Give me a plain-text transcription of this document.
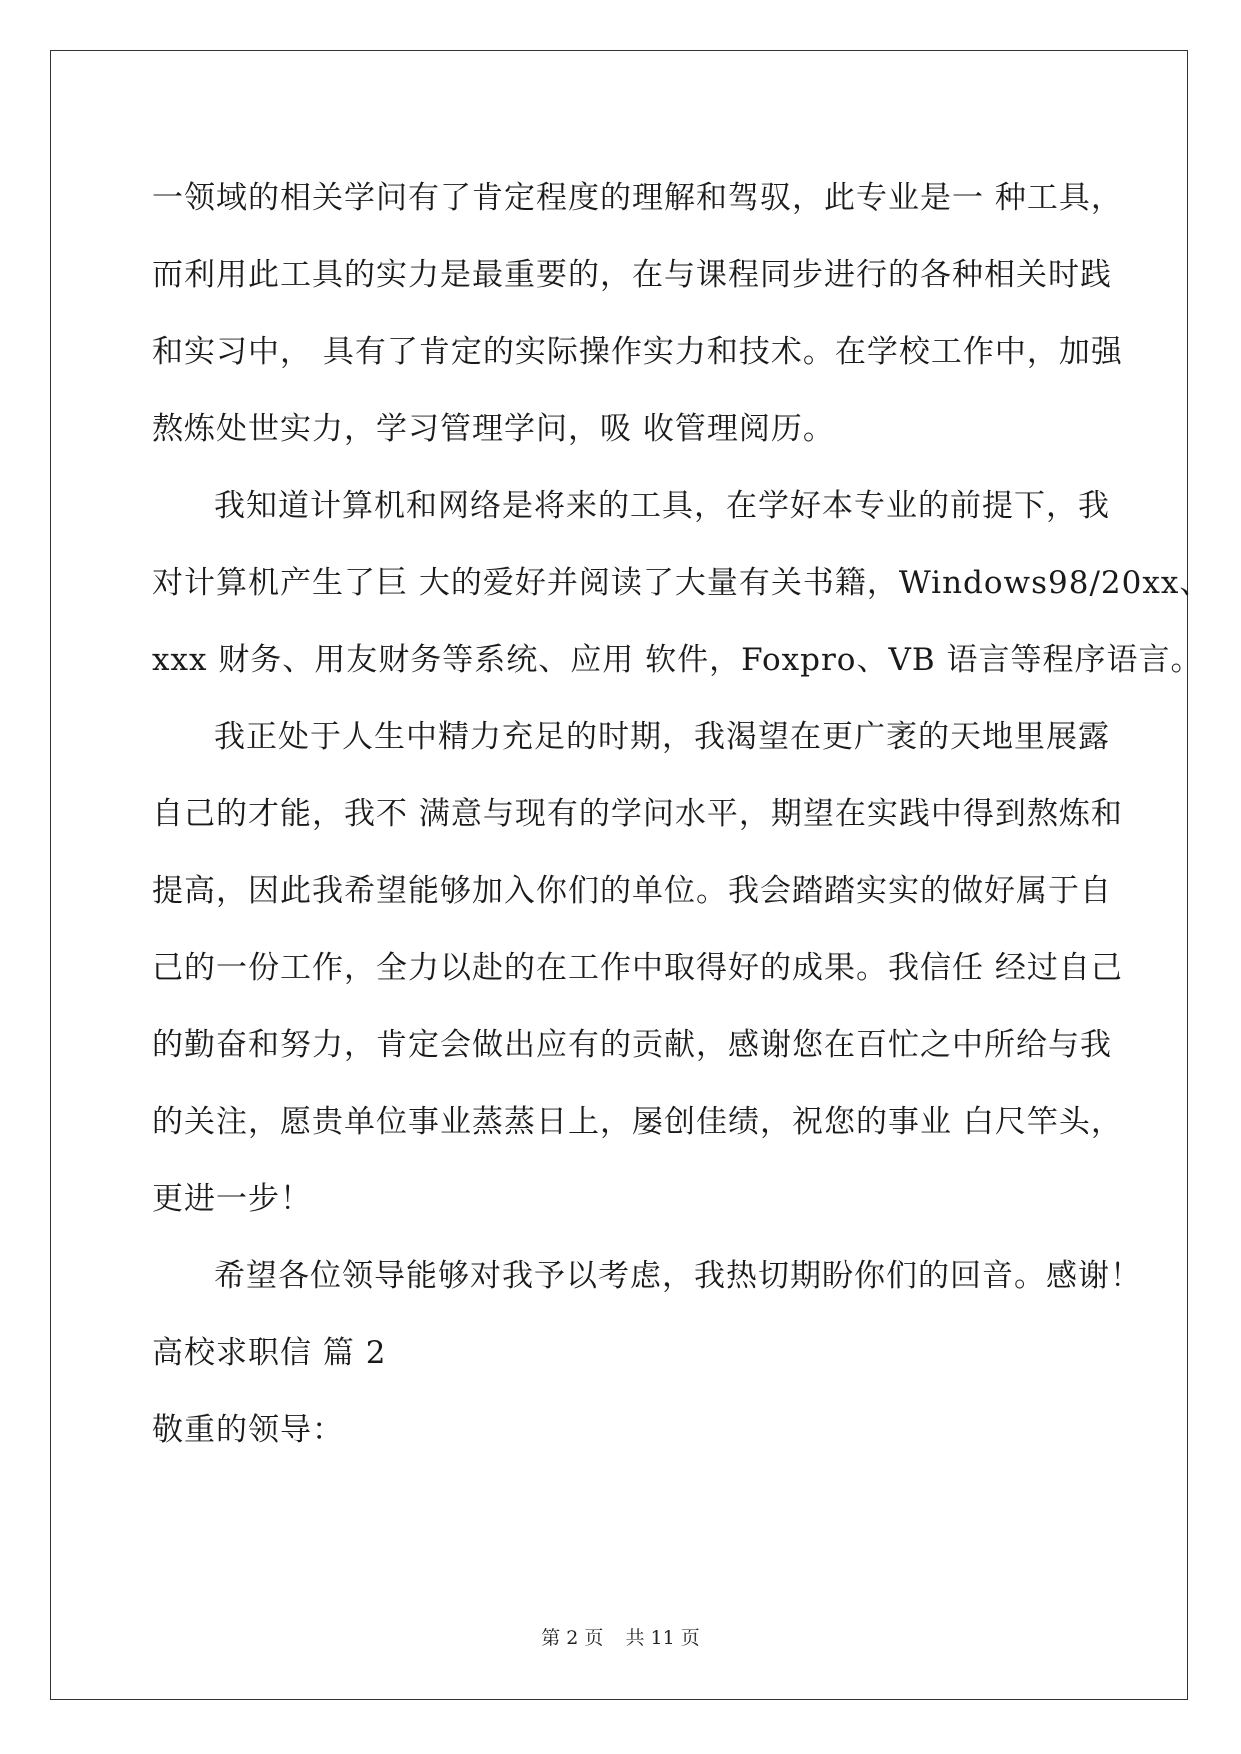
一领域的相关学问有了肯定程度的理解和驾驭，此专业是一 种工具，
而利用此工具的实力是最重要的，在与课程同步进行的各种相关时践
和实习中， 具有了肯定的实际操作实力和技术。在学校工作中，加强
熬炼处世实力，学习管理学问，吸 收管理阅历。
我知道计算机和网络是将来的工具，在学好本专业的前提下，我
对计算机产生了巨 大的爱好并阅读了大量有关书籍，Windows98/20xx、
xxx 财务、用友财务等系统、应用 软件，Foxpro、VB 语言等程序语言。
我正处于人生中精力充足的时期，我渴望在更广袤的天地里展露
自己的才能，我不 满意与现有的学问水平，期望在实践中得到熬炼和
提高，因此我希望能够加入你们的单位。我会踏踏实实的做好属于自
己的一份工作，全力以赴的在工作中取得好的成果。我信任 经过自己
的勤奋和努力，肯定会做出应有的贡献，感谢您在百忙之中所给与我
的关注，愿贵单位事业蒸蒸日上，屡创佳绩，祝您的事业 白尺竿头，
更进一步！
希望各位领导能够对我予以考虑，我热切期盼你们的回音。感谢！
高校求职信 篇 2
敬重的领导：
第 2 页 共 11 页
